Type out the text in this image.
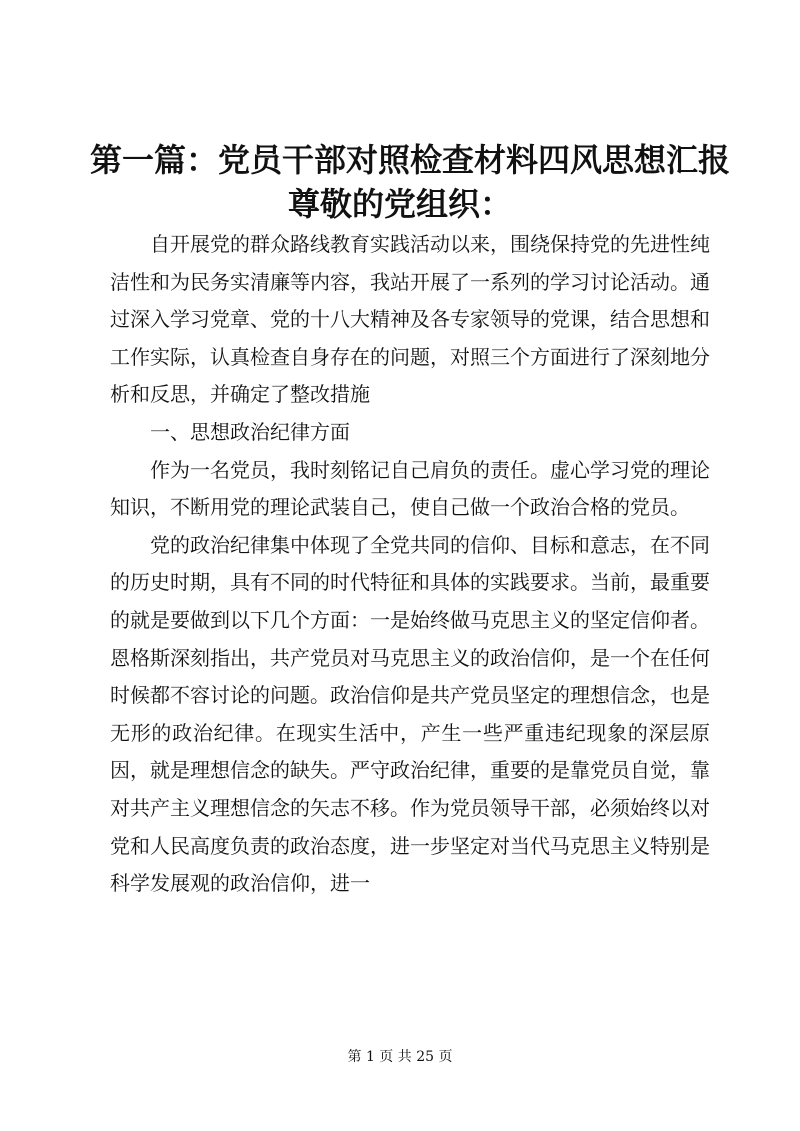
第一篇：党员干部对照检查材料四风思想汇报
尊敬的党组织：

自开展党的群众路线教育实践活动以来，围绕保持党的先进性纯洁性和为民务实清廉等内容，我站开展了一系列的学习讨论活动。通过深入学习党章、党的十八大精神及各专家领导的党课，结合思想和工作实际，认真检查自身存在的问题，对照三个方面进行了深刻地分析和反思，并确定了整改措施

一、思想政治纪律方面

作为一名党员，我时刻铭记自己肩负的责任。虚心学习党的理论知识，不断用党的理论武装自己，使自己做一个政治合格的党员。

党的政治纪律集中体现了全党共同的信仰、目标和意志，在不同的历史时期，具有不同的时代特征和具体的实践要求。当前，最重要的就是要做到以下几个方面：一是始终做马克思主义的坚定信仰者。恩格斯深刻指出，共产党员对马克思主义的政治信仰，是一个在任何时候都不容讨论的问题。政治信仰是共产党员坚定的理想信念，也是无形的政治纪律。在现实生活中，产生一些严重违纪现象的深层原因，就是理想信念的缺失。严守政治纪律，重要的是靠党员自觉，靠对共产主义理想信念的矢志不移。作为党员领导干部，必须始终以对党和人民高度负责的政治态度，进一步坚定对当代马克思主义特别是科学发展观的政治信仰，进一

第 1 页 共 25 页
